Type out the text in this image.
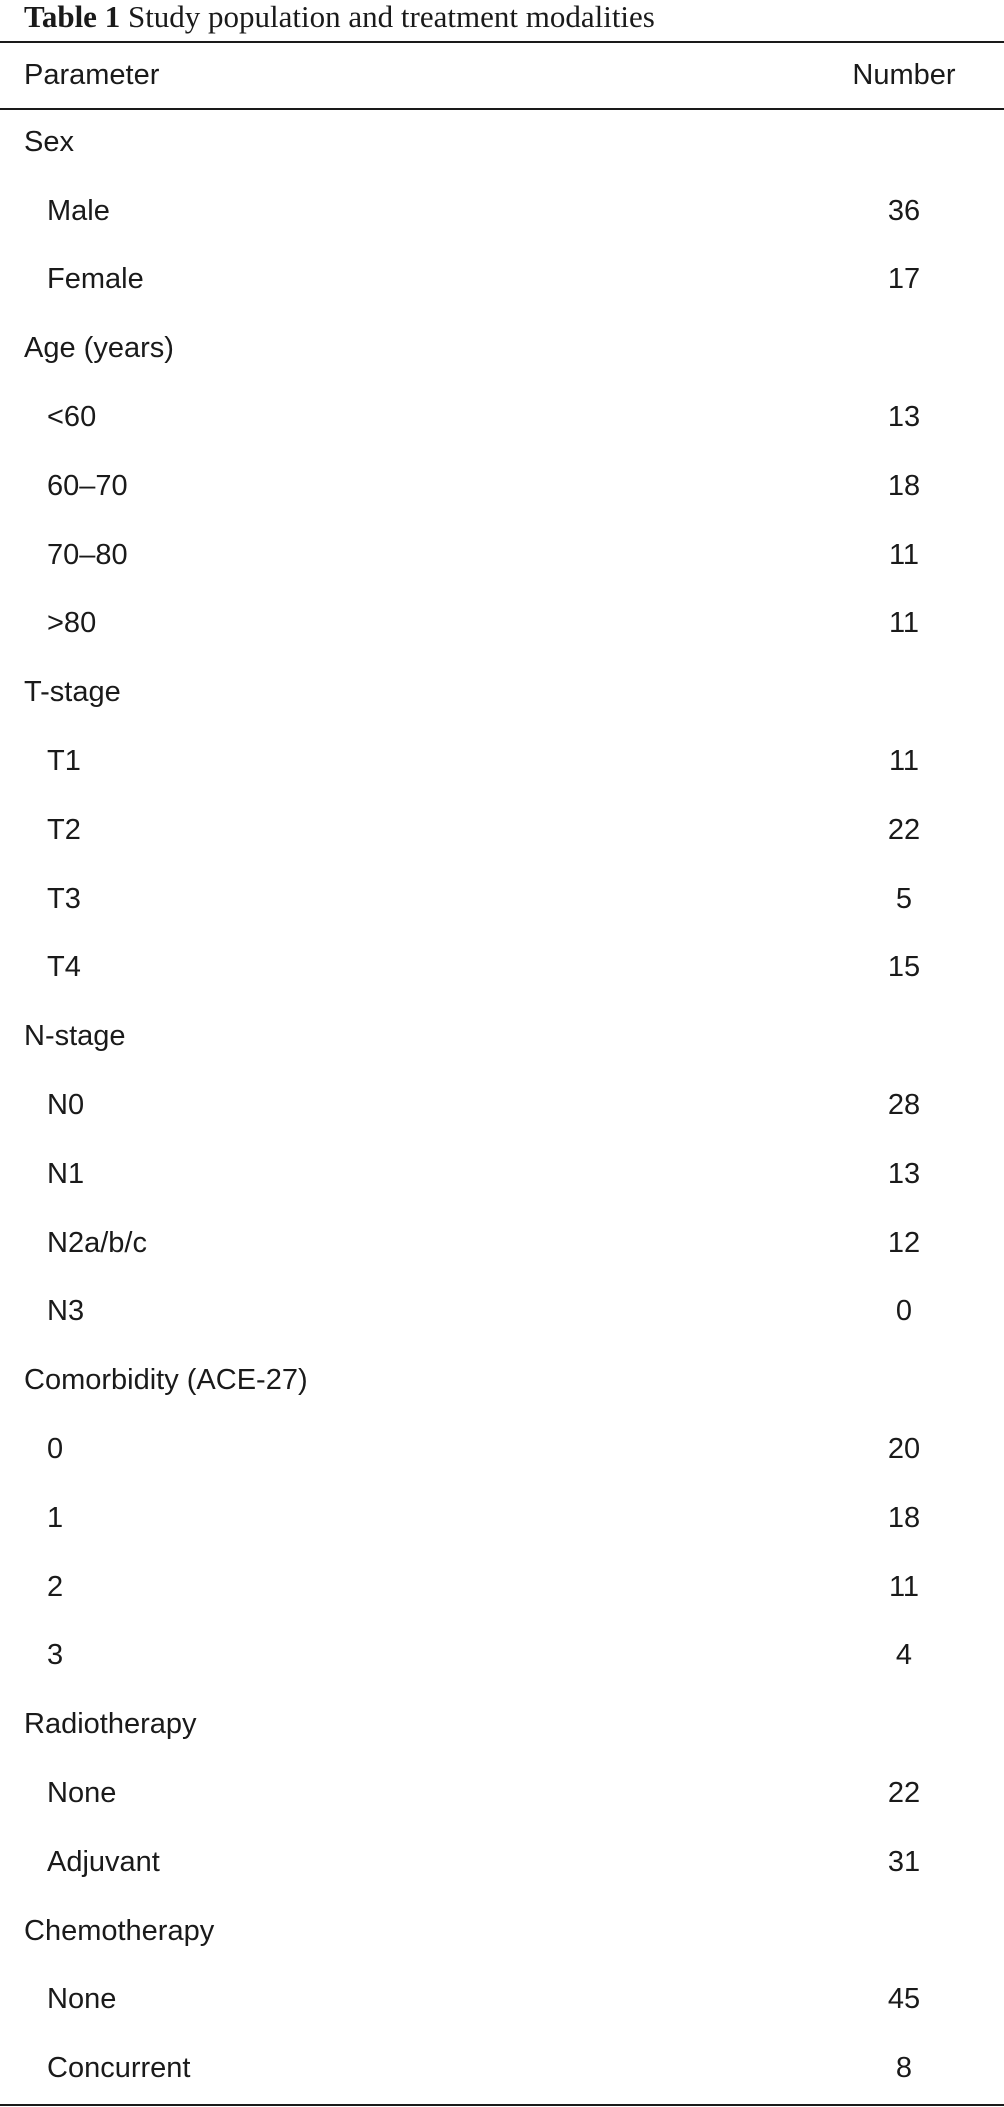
Table 1 Study population and treatment modalities
Parameter	Number
Sex	
Male	36
Female	17
Age (years)	
<60	13
60–70	18
70–80	11
>80	11
T-stage	
T1	11
T2	22
T3	5
T4	15
N-stage	
N0	28
N1	13
N2a/b/c	12
N3	0
Comorbidity (ACE-27)	
0	20
1	18
2	11
3	4
Radiotherapy	
None	22
Adjuvant	31
Chemotherapy	
None	45
Concurrent	8
